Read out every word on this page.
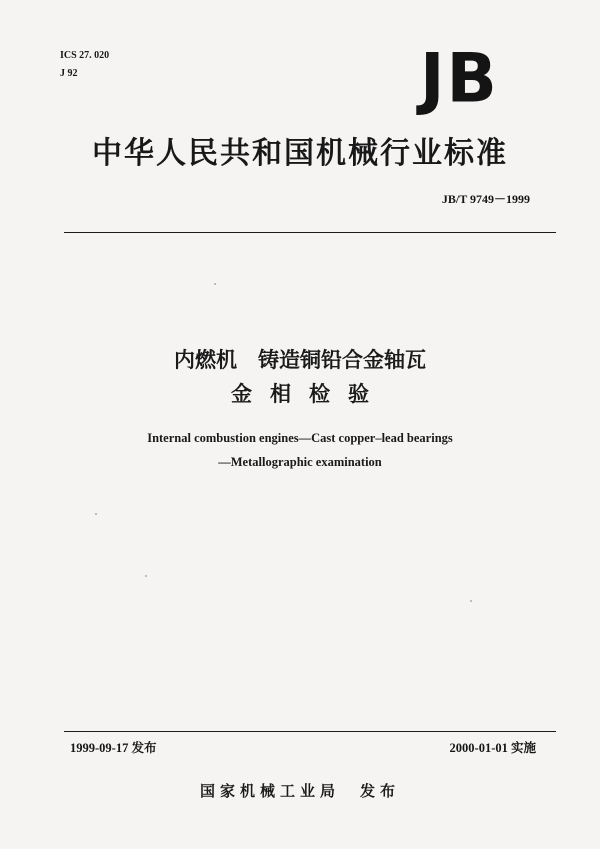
ICS 27. 020
J 92	JB
中华人民共和国机械行业标准
JB/T 9749－1999
内燃机　铸造铜铅合金轴瓦
金相检验
Internal combustion engines—Cast copper–lead bearings
—Metallographic examination
1999-09-17 发布	2000-01-01 实施
国家机械工业局　发布
